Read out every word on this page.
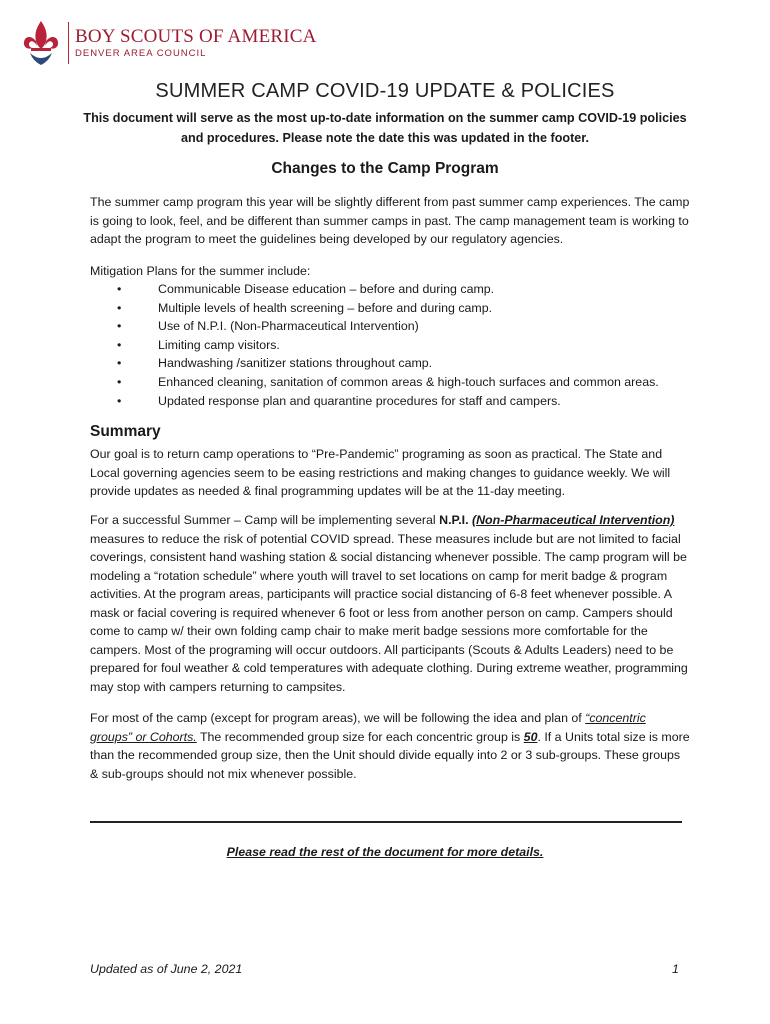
BOY SCOUTS OF AMERICA
DENVER AREA COUNCIL
SUMMER CAMP COVID-19 UPDATE & POLICIES
This document will serve as the most up-to-date information on the summer camp COVID-19 policies and procedures. Please note the date this was updated in the footer.
Changes to the Camp Program
The summer camp program this year will be slightly different from past summer camp experiences. The camp is going to look, feel, and be different than summer camps in past. The camp management team is working to adapt the program to meet the guidelines being developed by our regulatory agencies.
Mitigation Plans for the summer include:
•	Communicable Disease education – before and during camp.
•	Multiple levels of health screening – before and during camp.
•	Use of N.P.I. (Non-Pharmaceutical Intervention)
•	Limiting camp visitors.
•	Handwashing /sanitizer stations throughout camp.
•	Enhanced cleaning, sanitation of common areas & high-touch surfaces and common areas.
•	Updated response plan and quarantine procedures for staff and campers.
Summary
Our goal is to return camp operations to “Pre-Pandemic” programing as soon as practical. The State and Local governing agencies seem to be easing restrictions and making changes to guidance weekly. We will provide updates as needed & final programming updates will be at the 11-day meeting.
For a successful Summer – Camp will be implementing several N.P.I. (Non-Pharmaceutical Intervention) measures to reduce the risk of potential COVID spread. These measures include but are not limited to facial coverings, consistent hand washing station & social distancing whenever possible. The camp program will be modeling a “rotation schedule” where youth will travel to set locations on camp for merit badge & program activities. At the program areas, participants will practice social distancing of 6-8 feet whenever possible. A mask or facial covering is required whenever 6 foot or less from another person on camp. Campers should come to camp w/ their own folding camp chair to make merit badge sessions more comfortable for the campers. Most of the programing will occur outdoors. All participants (Scouts & Adults Leaders) need to be prepared for foul weather & cold temperatures with adequate clothing. During extreme weather, programming may stop with campers returning to campsites.
For most of the camp (except for program areas), we will be following the idea and plan of “concentric groups” or Cohorts. The recommended group size for each concentric group is 50. If a Units total size is more than the recommended group size, then the Unit should divide equally into 2 or 3 sub-groups. These groups & sub-groups should not mix whenever possible.
Please read the rest of the document for more details.
Updated as of June 2, 2021	1
